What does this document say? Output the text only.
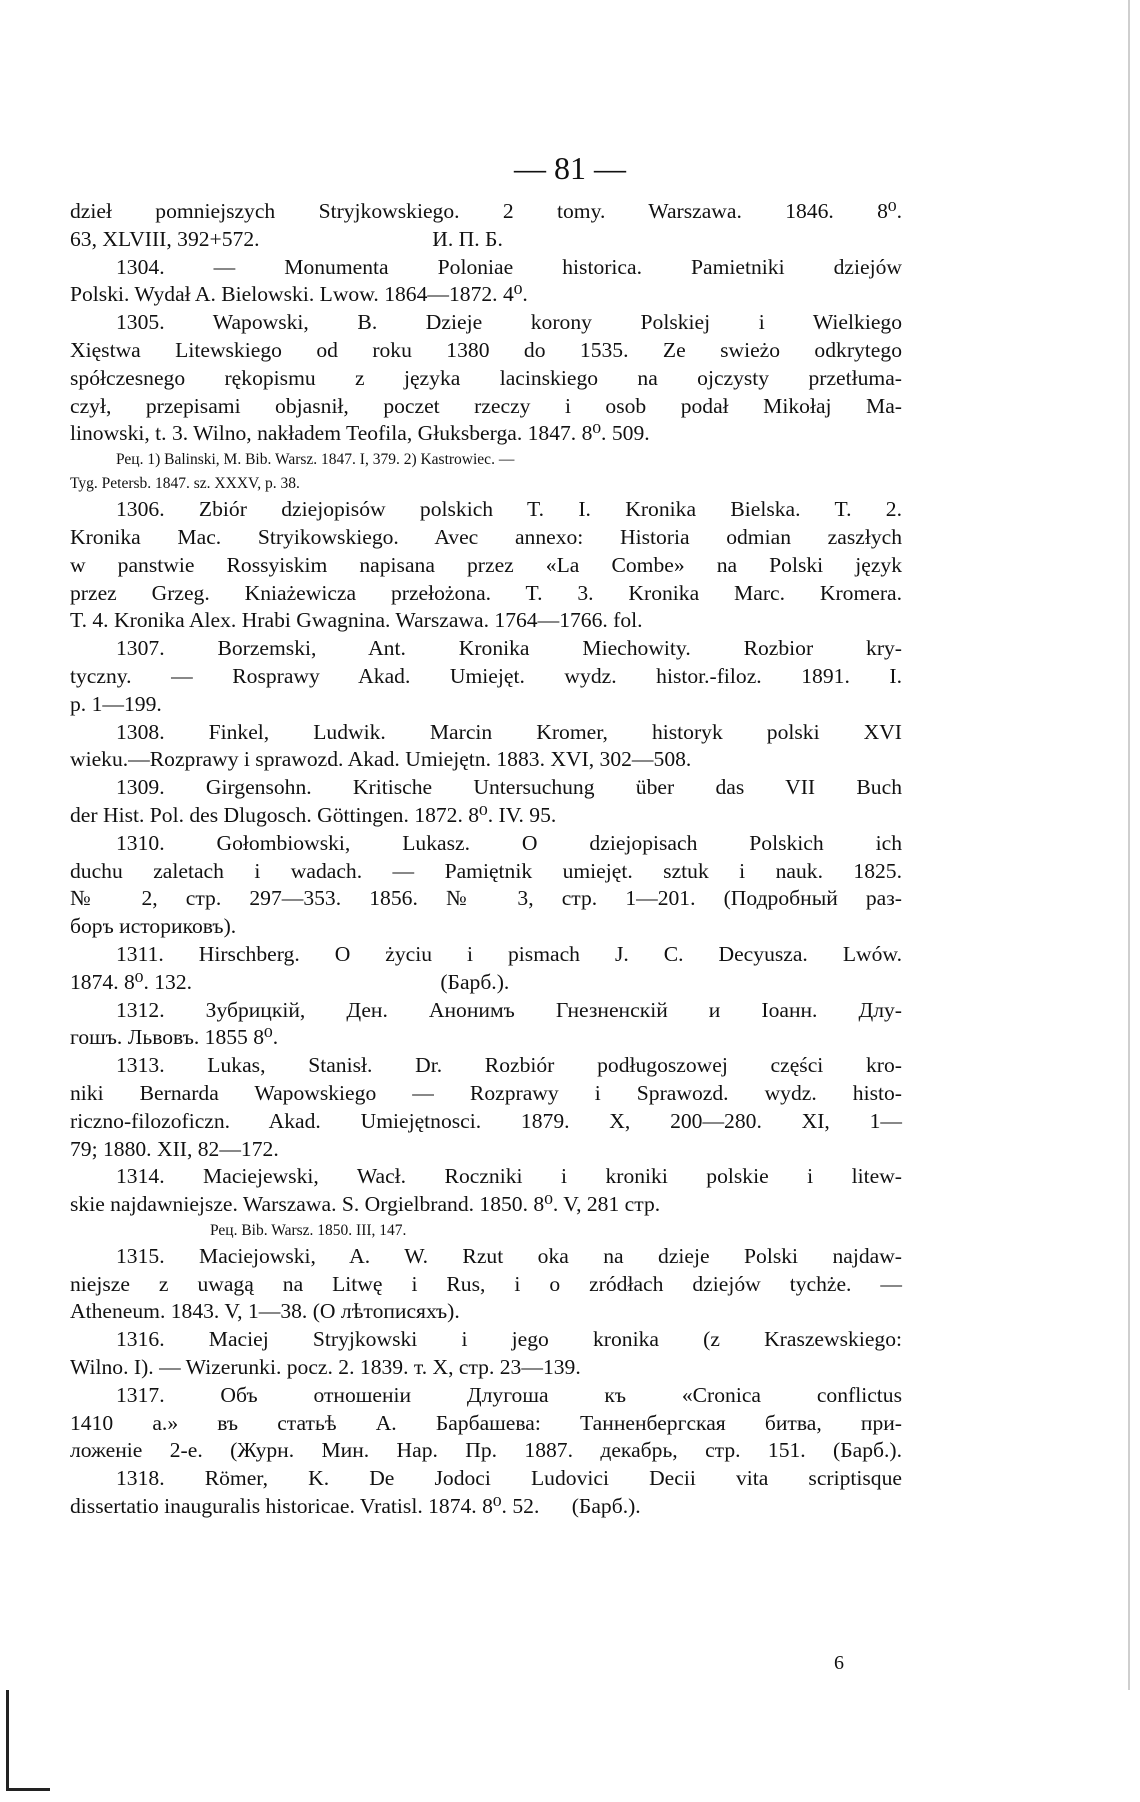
— 81 —

dzieł pomniejszych Stryjkowskiego. 2 tomy. Warszawa. 1846. 8⁰.

63, XLVIII, 392+572.                                И. П. Б.

1304. — Monumenta Poloniae historica. Pamietniki dziejów

Polski. Wydał A. Bielowski. Lwow. 1864—1872. 4⁰.

1305. Wapowski, B. Dzieje korony Polskiej i Wielkiego

Xięstwa Litewskiego od roku 1380 do 1535. Ze swieżo odkrytego

spółczesnego rękopismu z języka lacinskiego na ojczysty przetłuma-

czył, przepisami objasnił, poczet rzeczy i osob podał Mikołaj Ma-

linowski, t. 3. Wilno, nakładem Teofila, Głuksberga. 1847. 8⁰. 509.

Рец. 1) Balinski, M. Bib. Warsz. 1847. I, 379. 2) Kastrowiec. —

Tyg. Petersb. 1847. sz. XXXV, p. 38.

1306. Zbiór dziejopisów polskich T. I. Kronika Bielska. T. 2.

Kronika Mac. Stryikowskiego. Avec annexo: Historia odmian zaszłych

w panstwie Rossyiskim napisana przez «La Combe» na Polski język

przez Grzeg. Kniażewicza przełożona. T. 3. Kronika Marc. Kromera.

T. 4. Kronika Alex. Hrabi Gwagnina. Warszawa. 1764—1766. fol.

1307. Borzemski, Ant. Kronika Miechowity. Rozbior kry-

tyczny. — Rosprawy Akad. Umiejęt. wydz. histor.-filoz. 1891. I.

p. 1—199.

1308. Finkel, Ludwik. Marcin Kromer, historyk polski XVI

wieku.—Rozprawy i sprawozd. Akad. Umiejętn. 1883. XVI, 302—508.

1309. Girgensohn. Kritische Untersuchung über das VII Buch

der Hist. Pol. des Dlugosch. Göttingen. 1872. 8⁰. IV. 95.

1310. Gołombiowski, Lukasz. O dziejopisach Polskich ich

duchu zaletach i wadach. — Pamiętnik umiejęt. sztuk i nauk. 1825.

№ 2, стр. 297—353. 1856. № 3, стр. 1—201. (Подробный раз-

боръ историковъ).

1311. Hirschberg. O życiu i pismach J. C. Decyusza. Lwów.

1874. 8⁰. 132.                                              (Барб.).

1312. Зубрицкій, Ден. Анонимъ Гнезненскій и Іоанн. Длу-

гошъ. Львовъ. 1855 8⁰.

1313. Lukas, Stanisł. Dr. Rozbiór podługoszowej części kro-

niki Bernarda Wapowskiego — Rozprawy i Sprawozd. wydz. histo-

riczno-filozoficzn. Akad. Umiejętnosci. 1879. X, 200—280. XI, 1—

79; 1880. XII, 82—172.

1314. Maciejewski, Wacł. Roczniki i kroniki polskie i litew-

skie najdawniejsze. Warszawa. S. Orgielbrand. 1850. 8⁰. V, 281 стр.

Рец. Bib. Warsz. 1850. III, 147.

1315. Maciejowski, A. W. Rzut oka na dzieje Polski najdaw-

niejsze z uwagą na Litwę i Rus, i o zródłach dziejów tychże. —

Atheneum. 1843. V, 1—38. (О лѣтописяхъ).

1316. Maciej Stryjkowski i jego kronika (z Kraszewskiego:

Wilno. I). — Wizerunki. pocz. 2. 1839. т. X, стр. 23—139.

1317. Объ отношеніи Длугоша къ «Cronica conflictus

1410 a.» въ статьѣ А. Барбашева: Танненбергская битва, при-

ложеніе 2-е. (Журн. Мин. Нар. Пр. 1887. декабрь, стр. 151. (Барб.).

1318. Römer, K. De Jodoci Ludovici Decii vita scriptisque

dissertatio inauguralis historicae. Vratisl. 1874. 8⁰. 52.      (Барб.).

6
